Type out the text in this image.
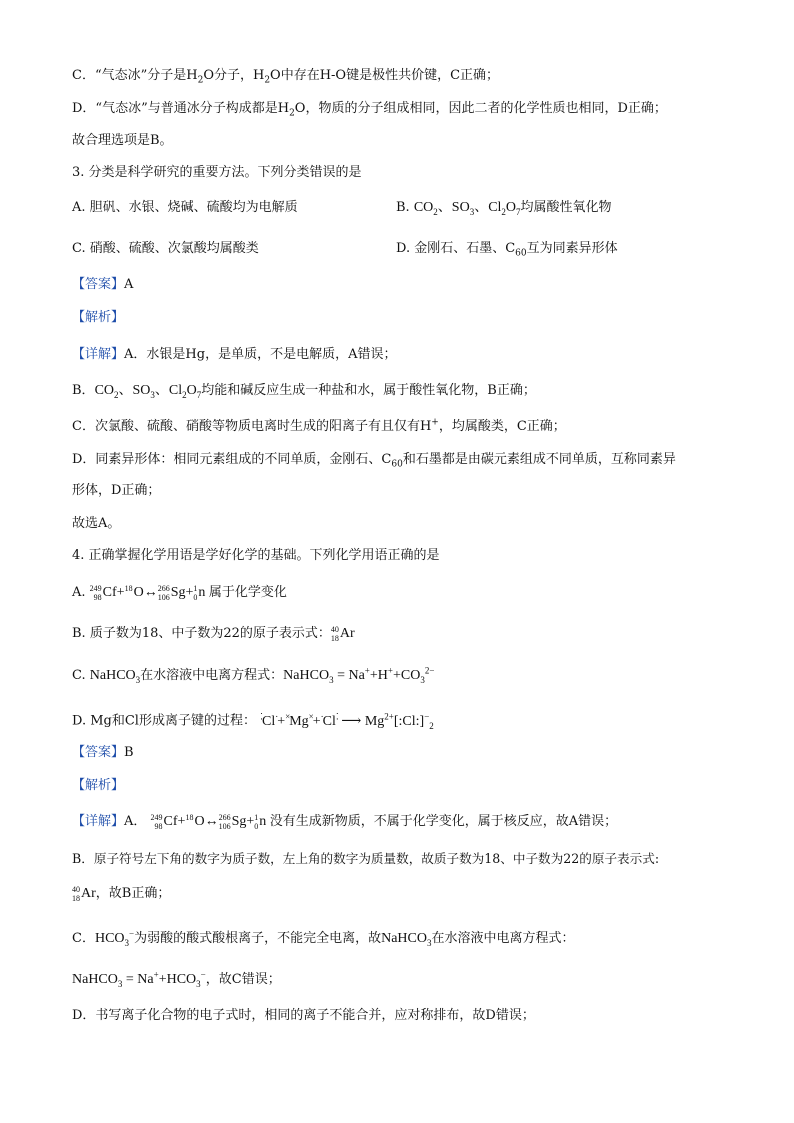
C．“气态冰”分子是$H_2O$分子，$H_2O$中存在H-O键是极性共价键，C正确；
D．“气态冰”与普通冰分子构成都是$H_2O$，物质的分子组成相同，因此二者的化学性质也相同，D正确；
故合理选项是B。
3. 分类是科学研究的重要方法。下列分类错误的是
A. 胆矾、水银、烧碱、硫酸均为电解质	B. $CO_2$、$SO_3$、$Cl_2O_7$均属酸性氧化物
C. 硝酸、硫酸、次氯酸均属酸类	D. 金刚石、石墨、$C_{60}$互为同素异形体
【答案】A
【解析】
【详解】A．水银是Hg，是单质，不是电解质，A错误；
B．$CO_2$、$SO_3$、$Cl_2O_7$均能和碱反应生成一种盐和水，属于酸性氧化物，B正确；
C．次氯酸、硫酸、硝酸等物质电离时生成的阳离子有且仅有H+，均属酸类，C正确；
D．同素异形体：相同元素组成的不同单质，金刚石、$C_{60}$和石墨都是由碳元素组成不同单质，互称同素异
形体，D正确；
故选A。
4. 正确掌握化学用语是学好化学的基础。下列化学用语正确的是
A. 249
98 Cf+ 18
O↔ 266
106 Sg+ 1
0 n 属于化学变化
B. 质子数为18、中子数为22的原子表示式： 40
18 Ar
C. NaHCO$_3$在水溶液中电离方程式：NaHCO$_3$ = $Na^++H^++CO_3^{2-}$
D. Mg和Cl形成离子键的过程： ⁚Cl·+×Mg×+·Cl⁚ ⟶ $Mg^{2+}[:Cl:]^-_2$
【答案】B
【解析】
【详解】A． 249
98 Cf+ 18
O↔ 266
106 Sg+ 1
0 n 没有生成新物质，不属于化学变化，属于核反应，故A错误；
B．原子符号左下角的数字为质子数，左上角的数字为质量数，故质子数为18、中子数为22的原子表示式:
40
18 Ar，故B正确；
C．$HCO_3^-$为弱酸的酸式酸根离子，不能完全电离，故NaHCO$_3$在水溶液中电离方程式：
NaHCO$_3$ = $Na^++HCO_3^-$，故C错误；
D．书写离子化合物的电子式时，相同的离子不能合并，应对称排布，故D错误；
